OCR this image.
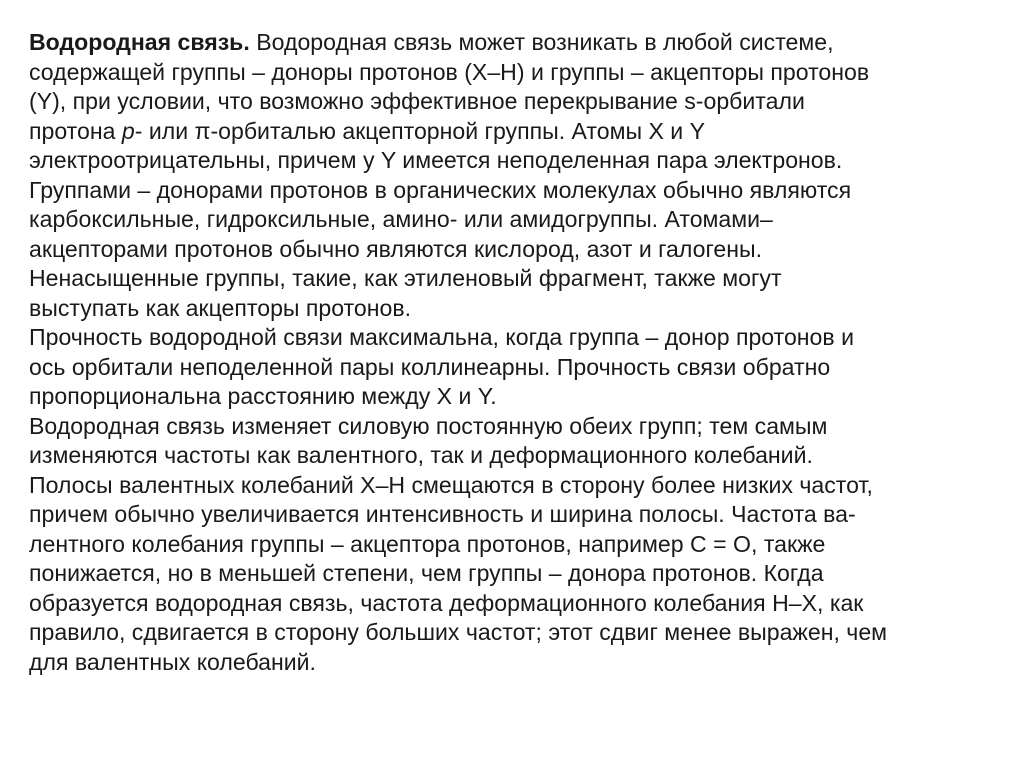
Водородная связь. Водородная связь может возникать в любой системе,
содержащей группы – доноры протонов (X–H) и группы – акцепторы протонов
(Y), при условии, что возможно эффективное перекрывание s-орбитали
протона p- или π-орбиталью акцепторной группы. Атомы X и Y
электроотрицательны, причем у Y имеется неподеленная пара электронов.
Группами – донорами протонов в органических молекулах обычно являются
карбоксильные, гидроксильные, амино- или амидогруппы. Атомами–
акцепторами протонов обычно являются кислород, азот и галогены.
Ненасыщенные группы, такие, как этиленовый фрагмент, также могут
выступать как акцепторы протонов.
Прочность водородной связи максимальна, когда группа – донор протонов и
ось орбитали неподеленной пары коллинеарны. Прочность связи обратно
пропорциональна расстоянию между X и Y.
Водородная связь изменяет силовую постоянную обеих групп; тем самым
изменяются частоты как валентного, так и деформационного колебаний.
Полосы валентных колебаний X–H смещаются в сторону более низких частот,
причем обычно увеличивается интенсивность и ширина полосы. Частота ва-
лентного колебания группы – акцептора протонов, например C = O, также
понижается, но в меньшей степени, чем группы – донора протонов. Когда
образуется водородная связь, частота деформационного колебания H–X, как
правило, сдвигается в сторону больших частот; этот сдвиг менее выражен, чем
для валентных колебаний.
